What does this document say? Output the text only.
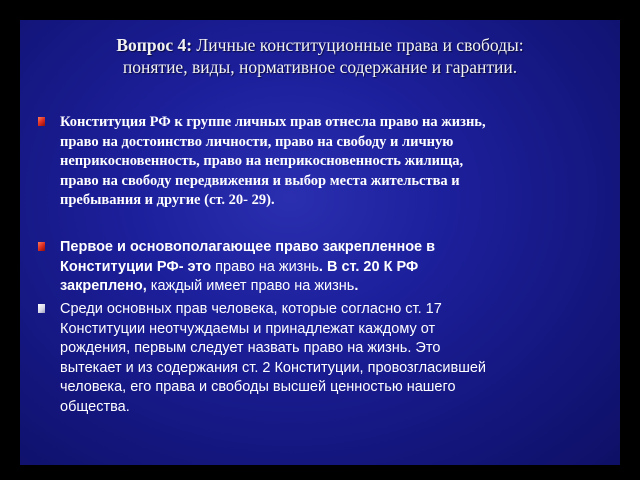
Вопрос 4: Личные конституционные права и свободы:
понятие, виды, нормативное содержание и гарантии.
Конституция РФ к группе личных прав отнесла право на жизнь,
право на достоинство личности, право на свободу и личную
неприкосновенность, право на неприкосновенность жилища,
право на свободу передвижения и выбор места жительства и
пребывания и другие (ст. 20- 29).
Первое и основополагающее право закрепленное в
Конституции РФ- это право на жизнь. В ст. 20 К РФ
закреплено, каждый имеет право на жизнь.
Среди основных прав человека, которые согласно ст. 17
Конституции неотчуждаемы и принадлежат каждому от
рождения, первым следует назвать право на жизнь. Это
вытекает и из содержания ст. 2 Конституции, провозгласившей
человека, его права и свободы высшей ценностью нашего
общества.
